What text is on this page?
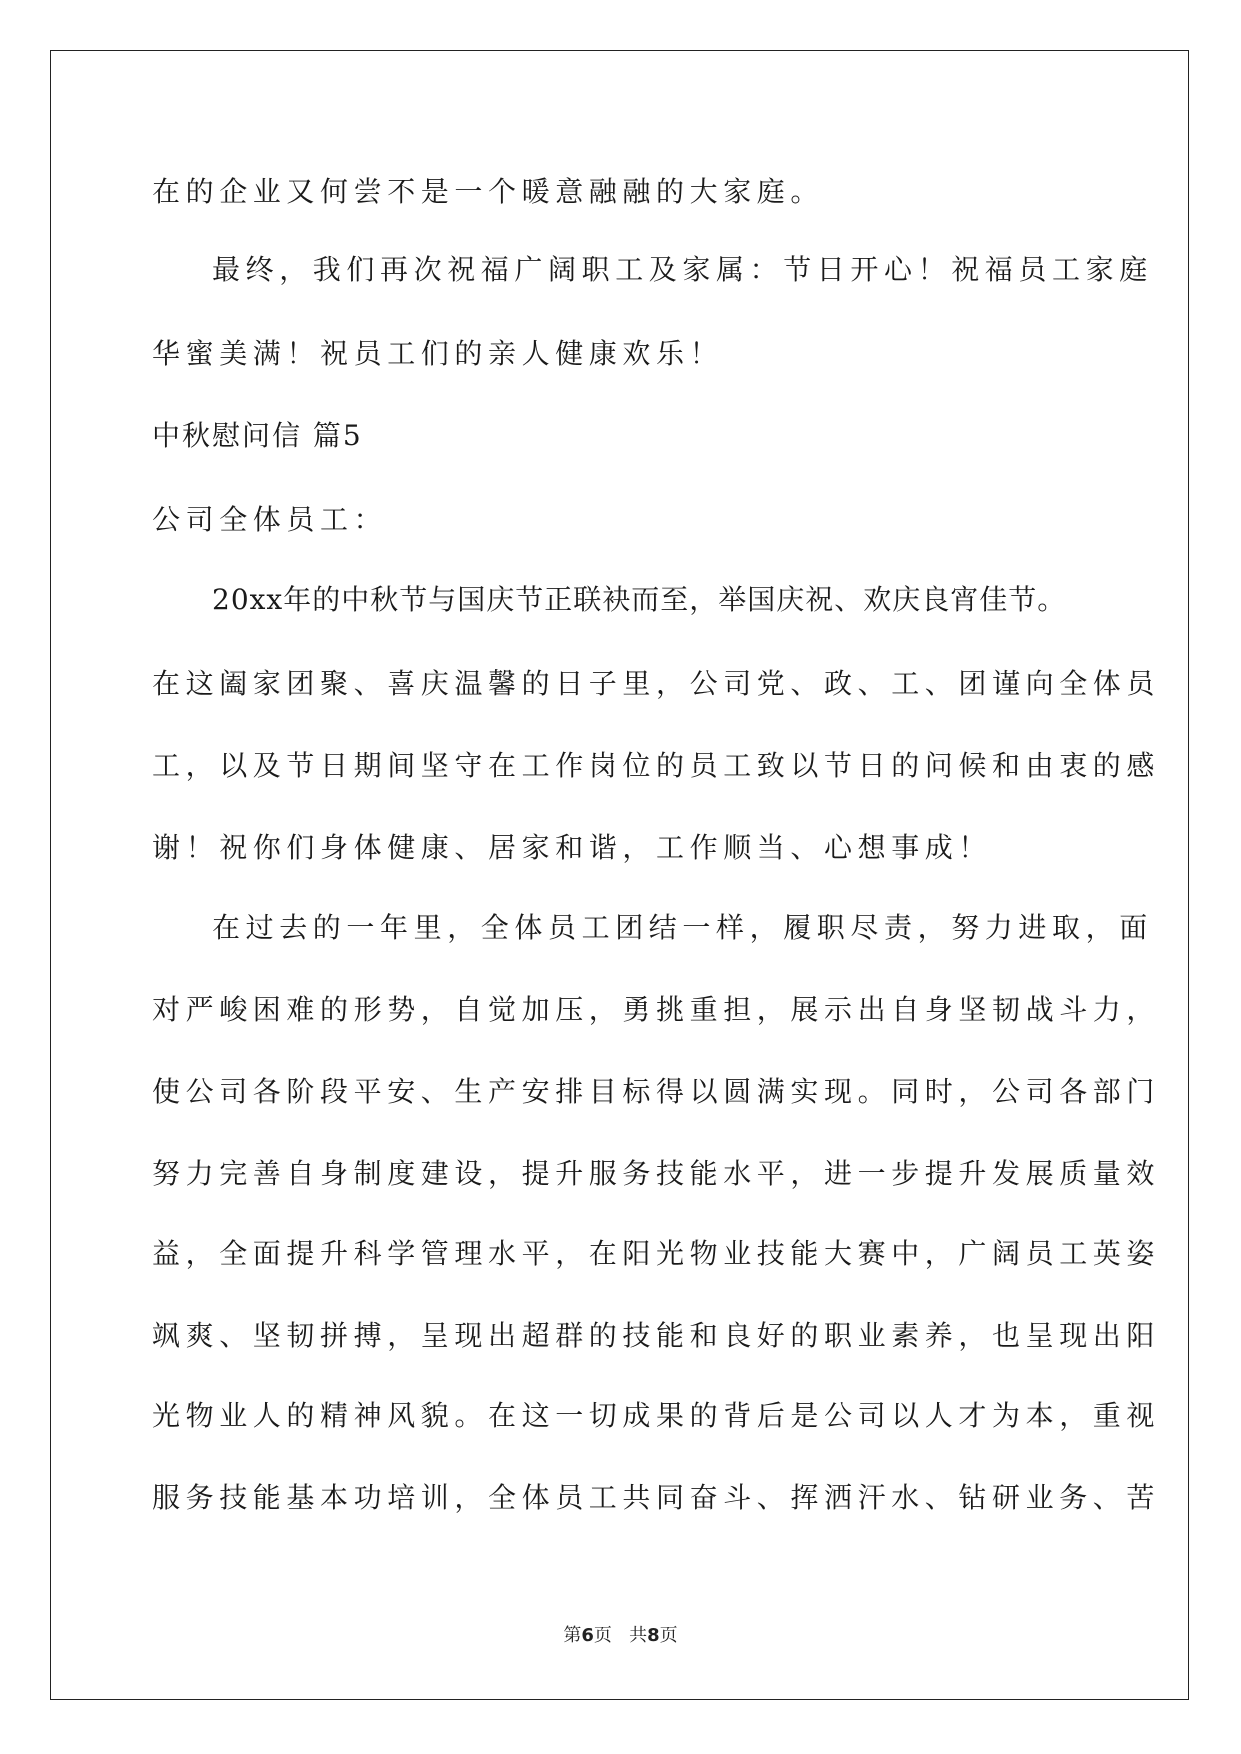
在的企业又何尝不是一个暖意融融的大家庭。
最终，我们再次祝福广阔职工及家属：节日开心！祝福员工家庭
华蜜美满！祝员工们的亲人健康欢乐！
中秋慰问信 篇5
公司全体员工：
20xx年的中秋节与国庆节正联袂而至，举国庆祝、欢庆良宵佳节。
在这阖家团聚、喜庆温馨的日子里，公司党、政、工、团谨向全体员
工，以及节日期间坚守在工作岗位的员工致以节日的问候和由衷的感
谢！祝你们身体健康、居家和谐，工作顺当、心想事成！
在过去的一年里，全体员工团结一样，履职尽责，努力进取，面
对严峻困难的形势，自觉加压，勇挑重担，展示出自身坚韧战斗力，
使公司各阶段平安、生产安排目标得以圆满实现。同时，公司各部门
努力完善自身制度建设，提升服务技能水平，进一步提升发展质量效
益，全面提升科学管理水平，在阳光物业技能大赛中，广阔员工英姿
飒爽、坚韧拼搏，呈现出超群的技能和良好的职业素养，也呈现出阳
光物业人的精神风貌。在这一切成果的背后是公司以人才为本，重视
服务技能基本功培训，全体员工共同奋斗、挥洒汗水、钻研业务、苦
第6页   共8页
